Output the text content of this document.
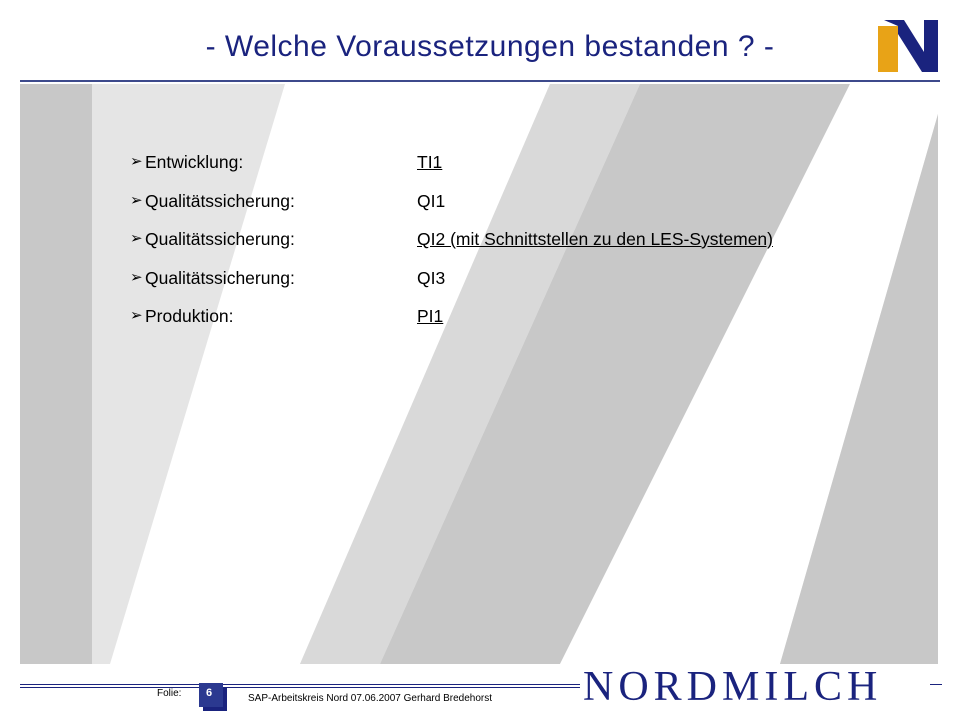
- Welche Voraussetzungen bestanden ? -
➢ Entwicklung:	TI1
➢ Qualitätssicherung:	QI1
➢ Qualitätssicherung:	QI2 (mit Schnittstellen zu den LES-Systemen)
➢ Qualitätssicherung:	QI3
➢ Produktion:	PI1
Folie:	6	SAP-Arbeitskreis Nord 07.06.2007 Gerhard Bredehorst NORDMILCH
